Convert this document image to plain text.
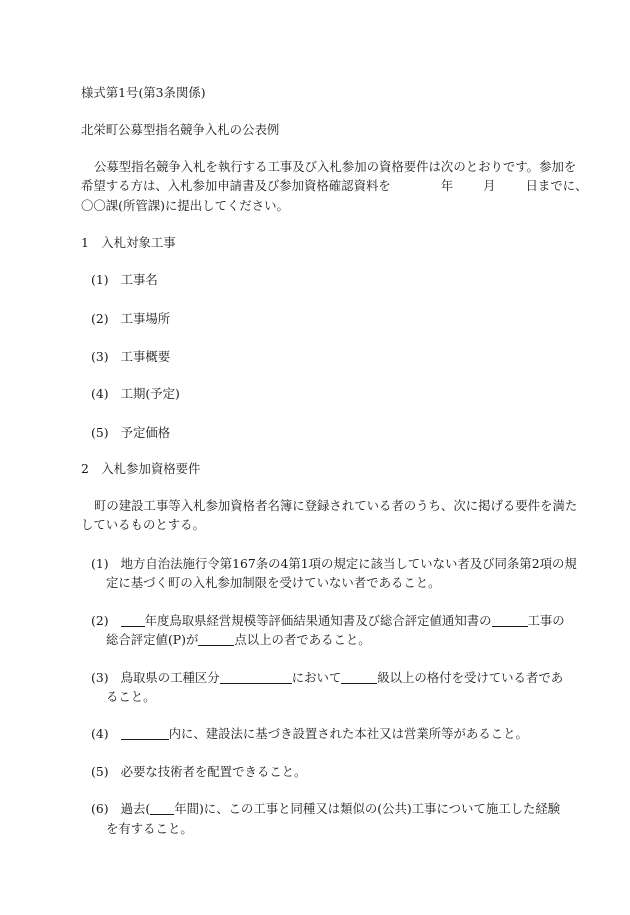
様式第1号(第3条関係)
北栄町公募型指名競争入札の公表例
公募型指名競争入札を執行する工事及び入札参加の資格要件は次のとおりです。参加を
希望する方は、入札参加申請書及び参加資格確認資料を	年 月 日までに、
〇〇課(所管課)に提出してください。
1　入札対象工事
(1) 工事名
(2) 工事場所
(3) 工事概要
(4) 工期(予定)
(5) 予定価格
2　入札参加資格要件
町の建設工事等入札参加資格者名簿に登録されている者のうち、次に掲げる要件を満た
しているものとする。
(1) 地方自治法施行令第167条の4第1項の規定に該当していない者及び同条第2項の規
定に基づく町の入札参加制限を受けていない者であること。
(2)	年度鳥取県経営規模等評価結果通知書及び総合評定値通知書の	工事の
総合評定値(P)が	点以上の者であること。
(3) 鳥取県の工種区分	において	級以上の格付を受けている者であ
ること。
(4)	内に、建設法に基づき設置された本社又は営業所等があること。
(5) 必要な技術者を配置できること。
(6) 過去( 年間)に、この工事と同種又は類似の(公共)工事について施工した経験
を有すること。
